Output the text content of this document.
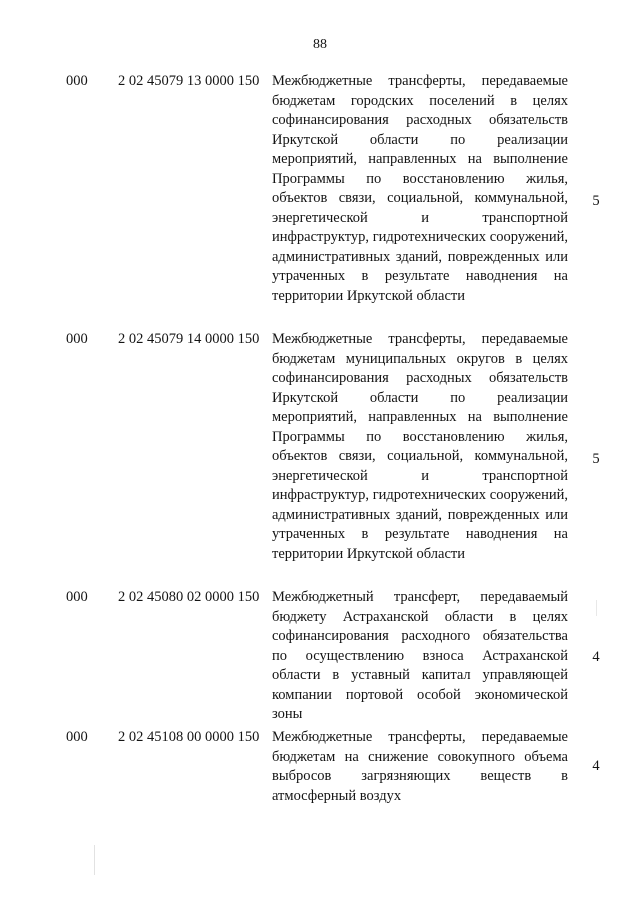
88
000 2 02 45079 13 0000 150 Межбюджетные трансферты, передаваемые бюджетам городских поселений в целях софинансирования расходных обязательств Иркутской области по реализации мероприятий, направленных на выполнение Программы по восстановлению жилья, объектов связи, социальной, коммунальной, энергетической и транспортной инфраструктур, гидротехнических сооружений, административных зданий, поврежденных или утраченных в результате наводнения на территории Иркутской области
5
000 2 02 45079 14 0000 150 Межбюджетные трансферты, передаваемые бюджетам муниципальных округов в целях софинансирования расходных обязательств Иркутской области по реализации мероприятий, направленных на выполнение Программы по восстановлению жилья, объектов связи, социальной, коммунальной, энергетической и транспортной инфраструктур, гидротехнических сооружений, административных зданий, поврежденных или утраченных в результате наводнения на территории Иркутской области
5
000 2 02 45080 02 0000 150 Межбюджетный трансферт, передаваемый бюджету Астраханской области в целях софинансирования расходного обязательства по осуществлению взноса Астраханской области в уставный капитал управляющей компании портовой особой экономической зоны
4
000 2 02 45108 00 0000 150 Межбюджетные трансферты, передаваемые бюджетам на снижение совокупного объема выбросов загрязняющих веществ в атмосферный воздух
4
